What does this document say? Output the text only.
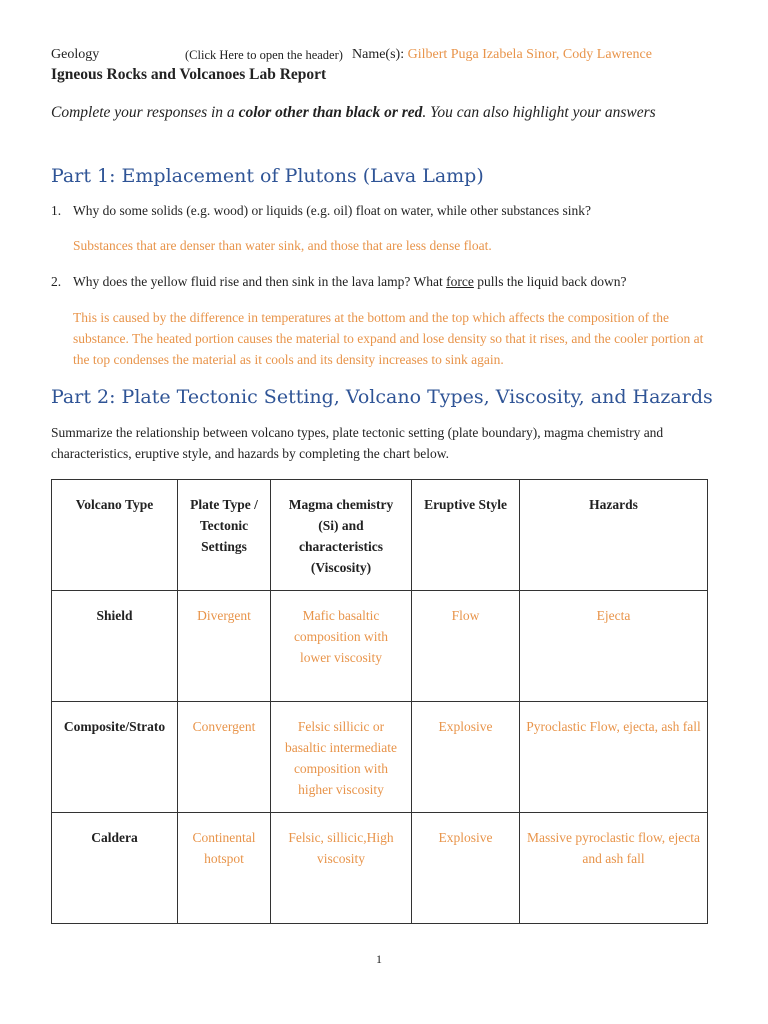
Geology	(Click Here to open the header) Name(s): Gilbert Puga Izabela Sinor, Cody Lawrence
Igneous Rocks and Volcanoes Lab Report
Complete your responses in a color other than black or red. You can also highlight your answers
Part 1: Emplacement of Plutons (Lava Lamp)
1. Why do some solids (e.g. wood) or liquids (e.g. oil) float on water, while other substances sink?
Substances that are denser than water sink, and those that are less dense float.
2. Why does the yellow fluid rise and then sink in the lava lamp? What force pulls the liquid back down?
This is caused by the difference in temperatures at the bottom and the top which affects the composition of the substance. The heated portion causes the material to expand and lose density so that it rises, and the cooler portion at the top condenses the material as it cools and its density increases to sink again.
Part 2: Plate Tectonic Setting, Volcano Types, Viscosity, and Hazards
Summarize the relationship between volcano types, plate tectonic setting (plate boundary), magma chemistry and characteristics, eruptive style, and hazards by completing the chart below.
Volcano Type	Plate Type / Tectonic Settings	Magma chemistry (Si) and characteristics (Viscosity)	Eruptive Style	Hazards
Shield	Divergent	Mafic basaltic composition with lower viscosity	Flow	Ejecta
Composite/Strato	Convergent	Felsic sillicic or basaltic intermediate composition with higher viscosity	Explosive	Pyroclastic Flow, ejecta, ash fall
Caldera	Continental hotspot	Felsic, sillicic,High viscosity	Explosive	Massive pyroclastic flow, ejecta and ash fall
1
